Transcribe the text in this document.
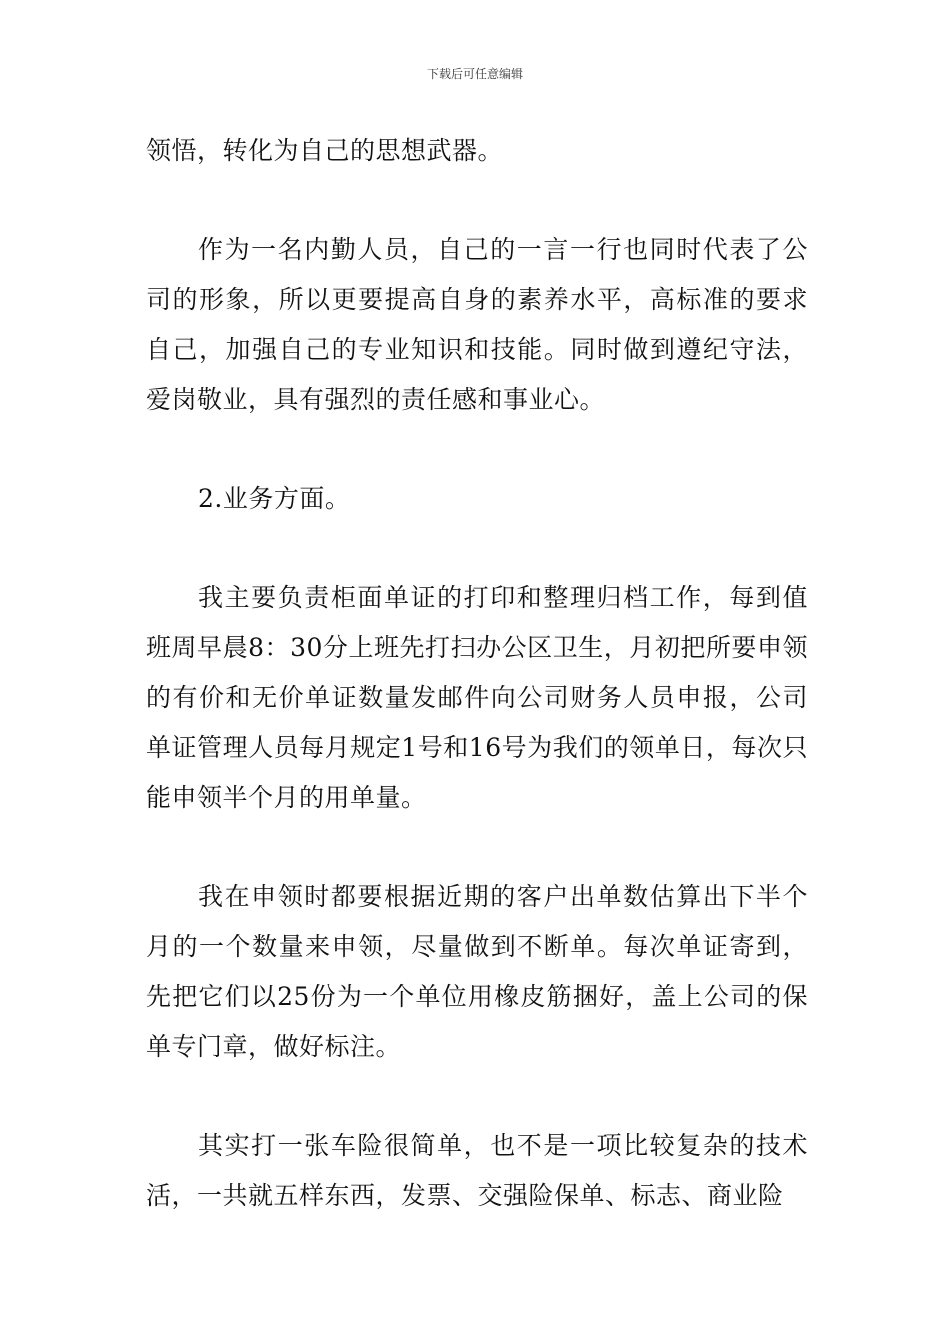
下载后可任意编辑

领悟，转化为自己的思想武器。

作为一名内勤人员，自己的一言一行也同时代表了公司的形象，所以更要提高自身的素养水平，高标准的要求自己，加强自己的专业知识和技能。同时做到遵纪守法，爱岗敬业，具有强烈的责任感和事业心。

2.业务方面。

我主要负责柜面单证的打印和整理归档工作，每到值班周早晨8：30分上班先打扫办公区卫生，月初把所要申领的有价和无价单证数量发邮件向公司财务人员申报，公司单证管理人员每月规定1号和16号为我们的领单日，每次只能申领半个月的用单量。

我在申领时都要根据近期的客户出单数估算出下半个月的一个数量来申领，尽量做到不断单。每次单证寄到，先把它们以25份为一个单位用橡皮筋捆好，盖上公司的保单专门章，做好标注。

其实打一张车险很简单，也不是一项比较复杂的技术活，一共就五样东西，发票、交强险保单、标志、商业险
